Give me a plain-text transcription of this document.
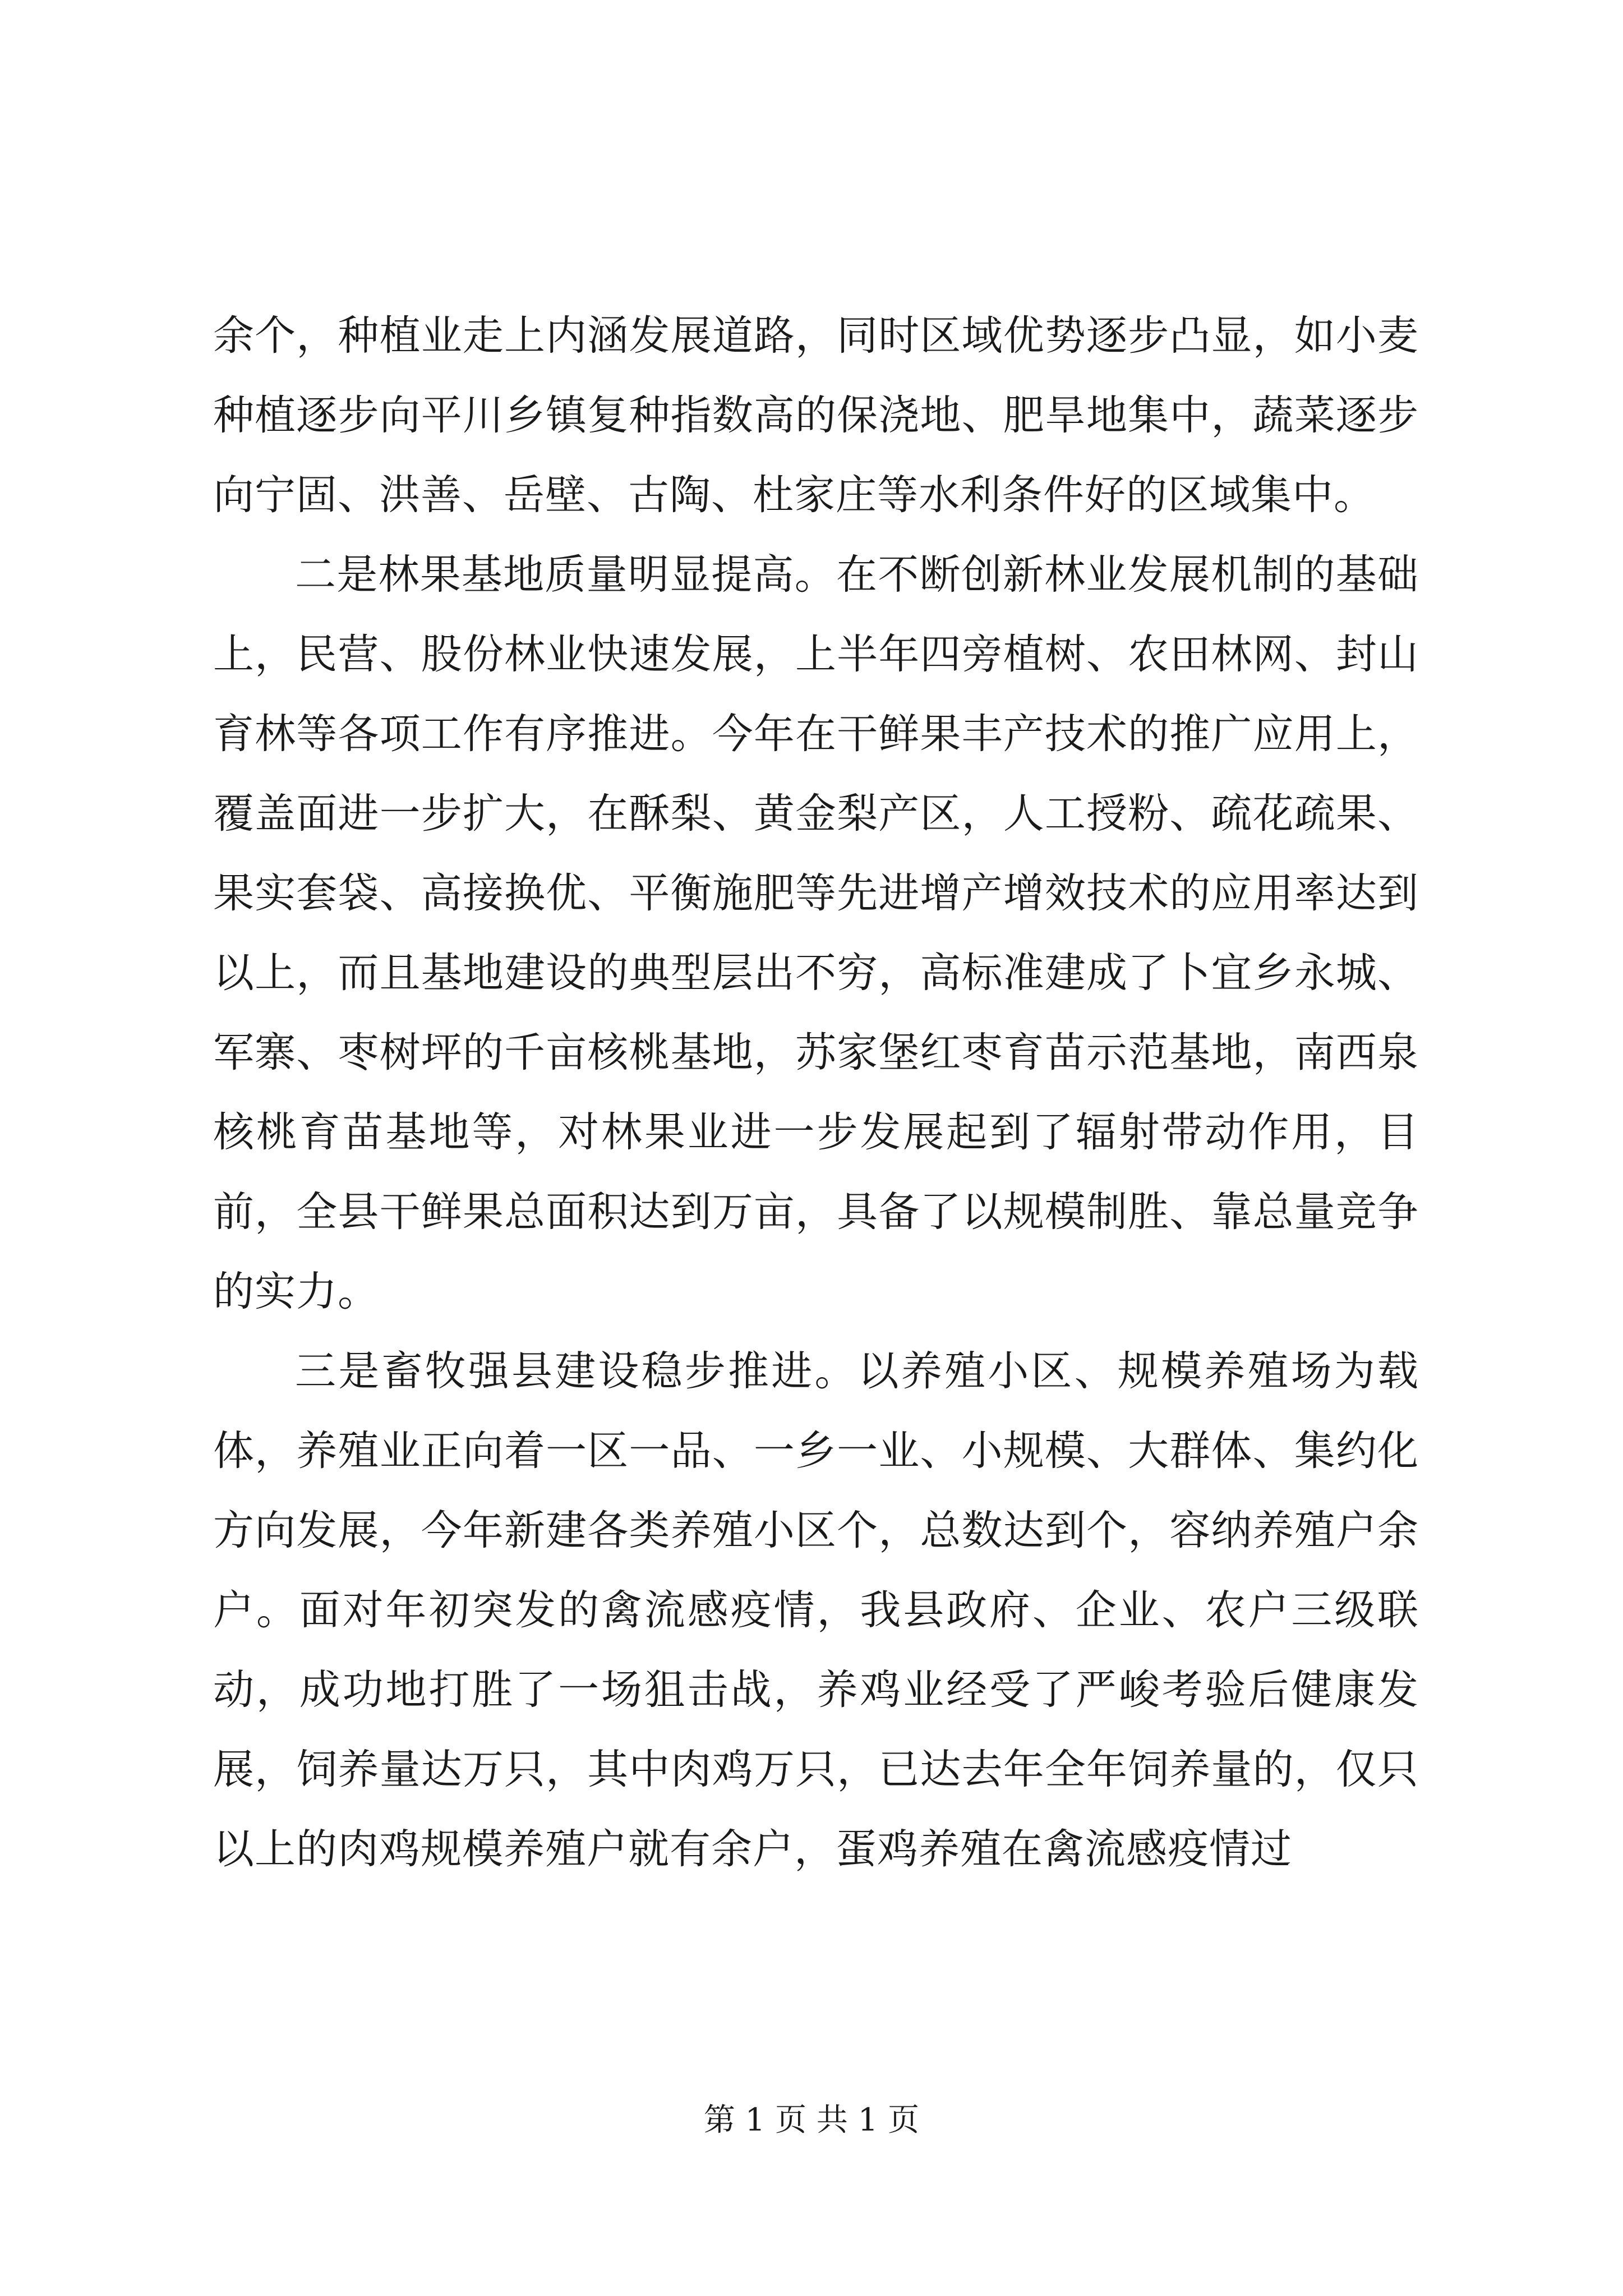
余个，种植业走上内涵发展道路，同时区域优势逐步凸显，如小麦种植逐步向平川乡镇复种指数高的保浇地、肥旱地集中，蔬菜逐步向宁固、洪善、岳壁、古陶、杜家庄等水利条件好的区域集中。

二是林果基地质量明显提高。在不断创新林业发展机制的基础上，民营、股份林业快速发展，上半年四旁植树、农田林网、封山育林等各项工作有序推进。今年在干鲜果丰产技术的推广应用上，覆盖面进一步扩大，在酥梨、黄金梨产区，人工授粉、疏花疏果、果实套袋、高接换优、平衡施肥等先进增产增效技术的应用率达到以上，而且基地建设的典型层出不穷，高标准建成了卜宜乡永城、军寨、枣树坪的千亩核桃基地，苏家堡红枣育苗示范基地，南西泉核桃育苗基地等，对林果业进一步发展起到了辐射带动作用，目前，全县干鲜果总面积达到万亩，具备了以规模制胜、靠总量竞争的实力。

三是畜牧强县建设稳步推进。以养殖小区、规模养殖场为载体，养殖业正向着一区一品、一乡一业、小规模、大群体、集约化方向发展，今年新建各类养殖小区个，总数达到个，容纳养殖户余户。面对年初突发的禽流感疫情，我县政府、企业、农户三级联动，成功地打胜了一场狙击战，养鸡业经受了严峻考验后健康发展，饲养量达万只，其中肉鸡万只，已达去年全年饲养量的，仅只以上的肉鸡规模养殖户就有余户，蛋鸡养殖在禽流感疫情过

第 1 页 共 1 页
